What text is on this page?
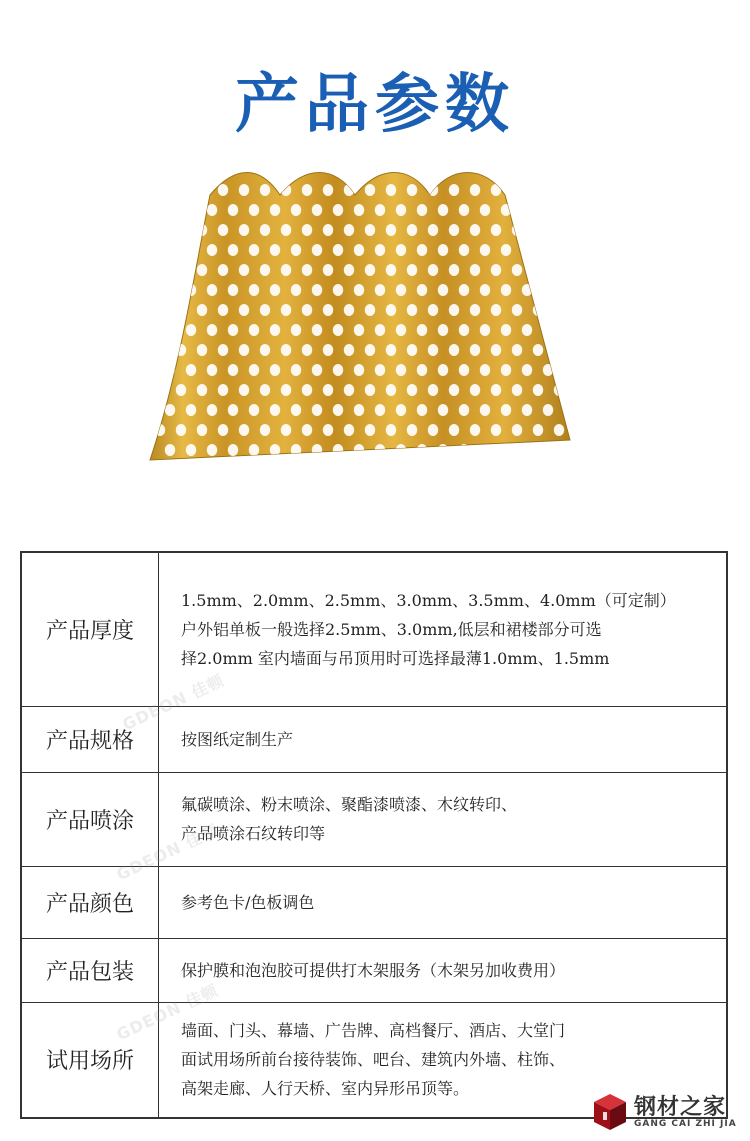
产品参数
产品厚度	1.5mm、2.0mm、2.5mm、3.0mm、3.5mm、4.0mm（可定制）
户外铝单板一般选择2.5mm、3.0mm,低层和裙楼部分可选
择2.0mm 室内墙面与吊顶用时可选择最薄1.0mm、1.5mm

产品规格	按图纸定制生产

产品喷涂	氟碳喷涂、粉末喷涂、聚酯漆喷漆、木纹转印、
产品喷涂石纹转印等

产品颜色	参考色卡/色板调色

产品包装	保护膜和泡泡胶可提供打木架服务（木架另加收费用）

试用场所	墙面、门头、幕墙、广告牌、高档餐厅、酒店、大堂门
面试用场所前台接待装饰、吧台、建筑内外墙、柱饰、
高架走廊、人行天桥、室内异形吊顶等。
GDEON 佳顿
GDEON 佳顿
GDEON 佳顿
钢材之家
GANG CAI ZHI JIA
